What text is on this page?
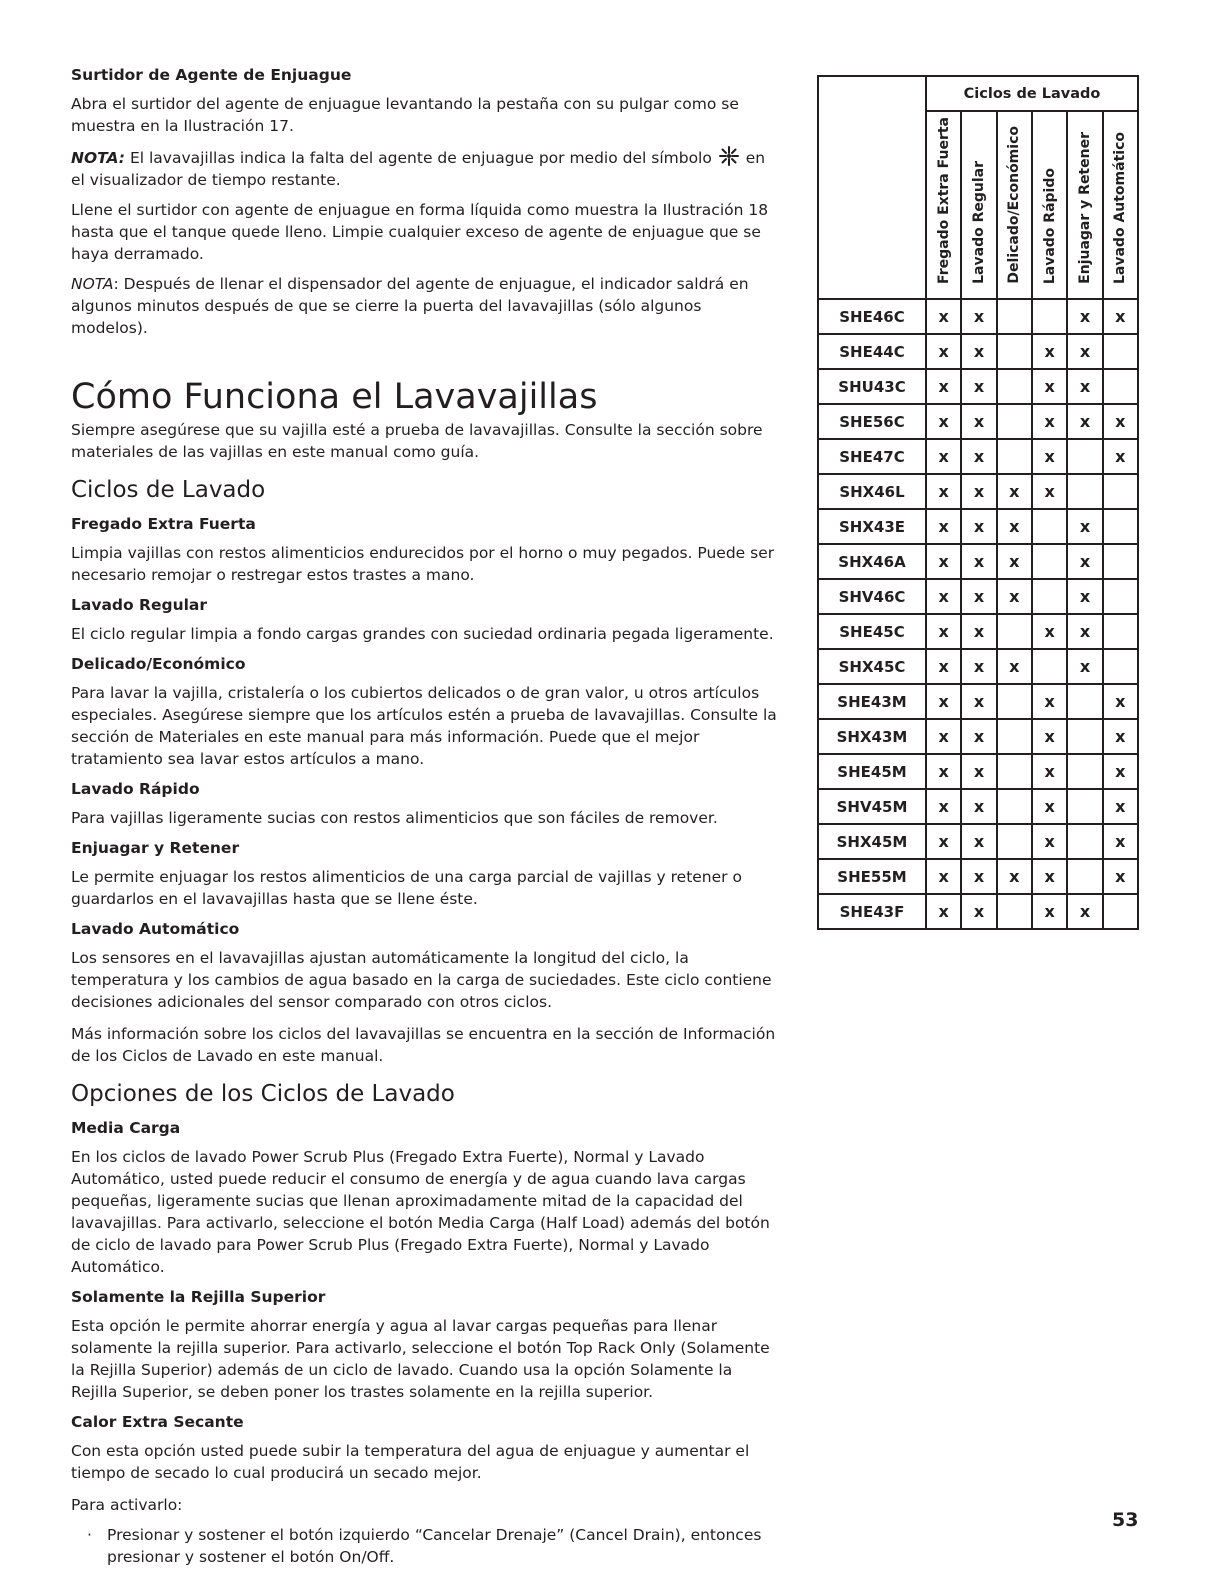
Surtidor de Agente de Enjuague
Abra el surtidor del agente de enjuague levantando la pestaña con su pulgar como se muestra en la Ilustración 17.
NOTA: El lavavajillas indica la falta del agente de enjuague por medio del símbolo  en el visualizador de tiempo restante.
Llene el surtidor con agente de enjuague en forma líquida como muestra la Ilustración 18 hasta que el tanque quede lleno. Limpie cualquier exceso de agente de enjuague que se haya derramado.
NOTA: Después de llenar el dispensador del agente de enjuague, el indicador saldrá en algunos minutos después de que se cierre la puerta del lavavajillas (sólo algunos modelos).
Cómo Funciona el Lavavajillas
Siempre asegúrese que su vajilla esté a prueba de lavavajillas. Consulte la sección sobre materiales de las vajillas en este manual como guía.
Ciclos de Lavado
Fregado Extra Fuerta
Limpia vajillas con restos alimenticios endurecidos por el horno o muy pegados. Puede ser necesario remojar o restregar estos trastes a mano.
Lavado Regular
El ciclo regular limpia a fondo cargas grandes con suciedad ordinaria pegada ligeramente.
Delicado/Económico
Para lavar la vajilla, cristalería o los cubiertos delicados o de gran valor, u otros artículos especiales. Asegúrese siempre que los artículos estén a prueba de lavavajillas. Consulte la sección de Materiales en este manual para más información. Puede que el mejor tratamiento sea lavar estos artículos a mano.
Lavado Rápido
Para vajillas ligeramente sucias con restos alimenticios que son fáciles de remover.
Enjuagar y Retener
Le permite enjuagar los restos alimenticios de una carga parcial de vajillas y retener o guardarlos en el lavavajillas hasta que se llene éste.
Lavado Automático
Los sensores en el lavavajillas ajustan automáticamente la longitud del ciclo, la temperatura y los cambios de agua basado en la carga de suciedades. Este ciclo contiene decisiones adicionales del sensor comparado con otros ciclos.
Más información sobre los ciclos del lavavajillas se encuentra en la sección de Información de los Ciclos de Lavado en este manual.
Opciones de los Ciclos de Lavado
Media Carga
En los ciclos de lavado Power Scrub Plus (Fregado Extra Fuerte), Normal y Lavado Automático, usted puede reducir el consumo de energía y de agua cuando lava cargas pequeñas, ligeramente sucias que llenan aproximadamente mitad de la capacidad del lavavajillas. Para activarlo, seleccione el botón Media Carga (Half Load) además del botón de ciclo de lavado para Power Scrub Plus (Fregado Extra Fuerte), Normal y Lavado Automático.
Solamente la Rejilla Superior
Esta opción le permite ahorrar energía y agua al lavar cargas pequeñas para llenar solamente la rejilla superior. Para activarlo, seleccione el botón Top Rack Only (Solamente la Rejilla Superior) además de un ciclo de lavado. Cuando usa la opción Solamente la Rejilla Superior, se deben poner los trastes solamente en la rejilla superior.
Calor Extra Secante
Con esta opción usted puede subir la temperatura del agua de enjuague y aumentar el tiempo de secado lo cual producirá un secado mejor.
Para activarlo:
· Presionar y sostener el botón izquierdo “Cancelar Drenaje” (Cancel Drain), entonces presionar y sostener el botón On/Off.
	Ciclos de Lavado					

	Fregado Extra Fuerta	Lavado Regular	Delicado/Económico	Lavado Rápido	Enjuagar y Retener	Lavado Automático

SHE46C	x	x			x	x
SHE44C	x	x		x	x	
SHU43C	x	x		x	x	
SHE56C	x	x		x	x	x
SHE47C	x	x		x		x
SHX46L	x	x	x	x		
SHX43E	x	x	x		x	
SHX46A	x	x	x		x	
SHV46C	x	x	x		x	
SHE45C	x	x		x	x	
SHX45C	x	x	x		x	
SHE43M	x	x		x		x
SHX43M	x	x		x		x
SHE45M	x	x		x		x
SHV45M	x	x		x		x
SHX45M	x	x		x		x
SHE55M	x	x	x	x		x
SHE43F	x	x		x	x	
53
